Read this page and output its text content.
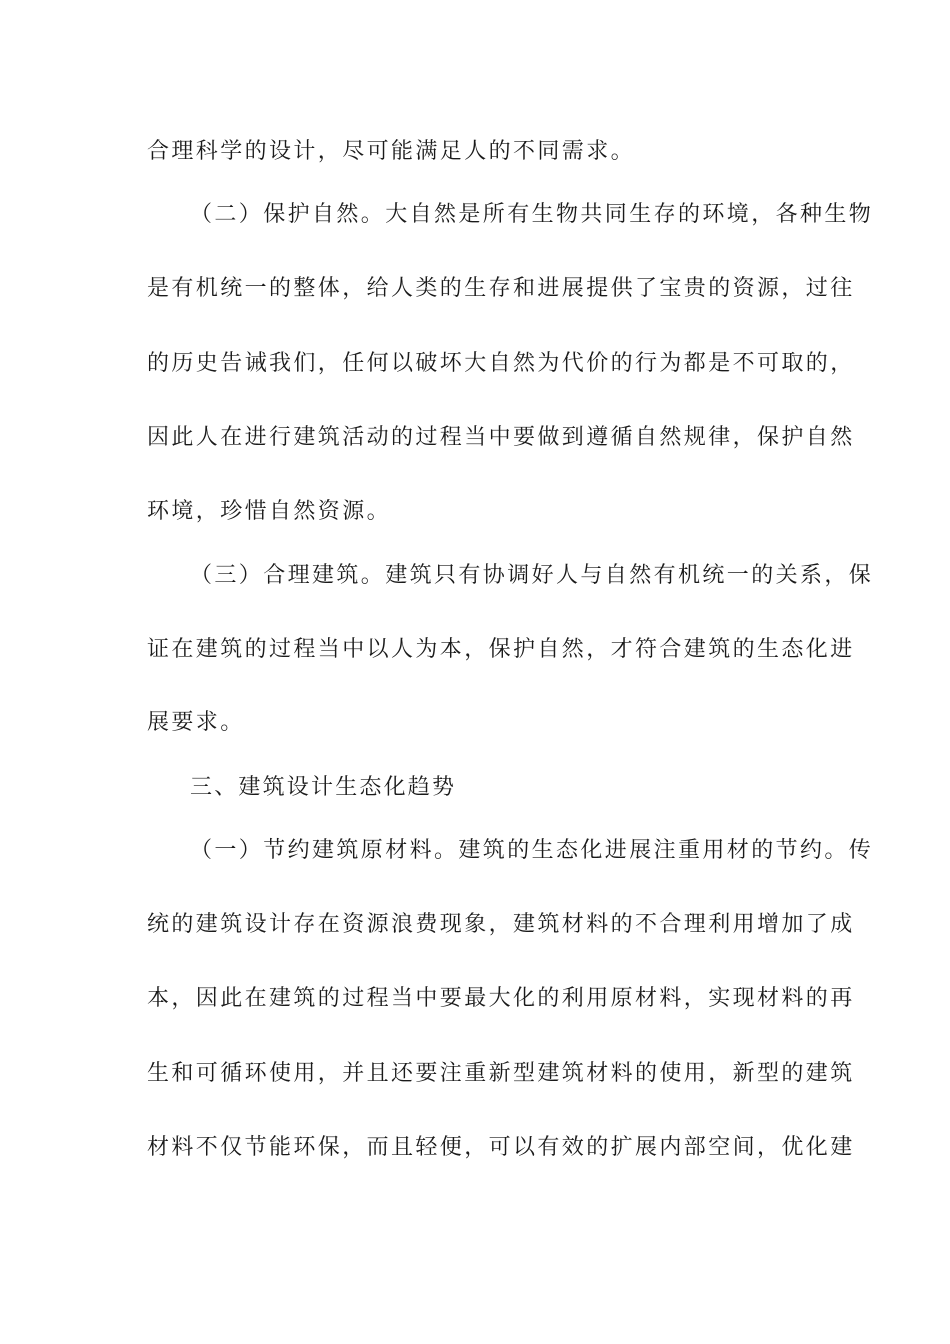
合理科学的设计，尽可能满足人的不同需求。
（二）保护自然。大自然是所有生物共同生存的环境，各种生物
是有机统一的整体，给人类的生存和进展提供了宝贵的资源，过往
的历史告诫我们，任何以破坏大自然为代价的行为都是不可取的，
因此人在进行建筑活动的过程当中要做到遵循自然规律，保护自然
环境，珍惜自然资源。
（三）合理建筑。建筑只有协调好人与自然有机统一的关系，保
证在建筑的过程当中以人为本，保护自然，才符合建筑的生态化进
展要求。
三、建筑设计生态化趋势
（一）节约建筑原材料。建筑的生态化进展注重用材的节约。传
统的建筑设计存在资源浪费现象，建筑材料的不合理利用增加了成
本，因此在建筑的过程当中要最大化的利用原材料，实现材料的再
生和可循环使用，并且还要注重新型建筑材料的使用，新型的建筑
材料不仅节能环保，而且轻便，可以有效的扩展内部空间，优化建
